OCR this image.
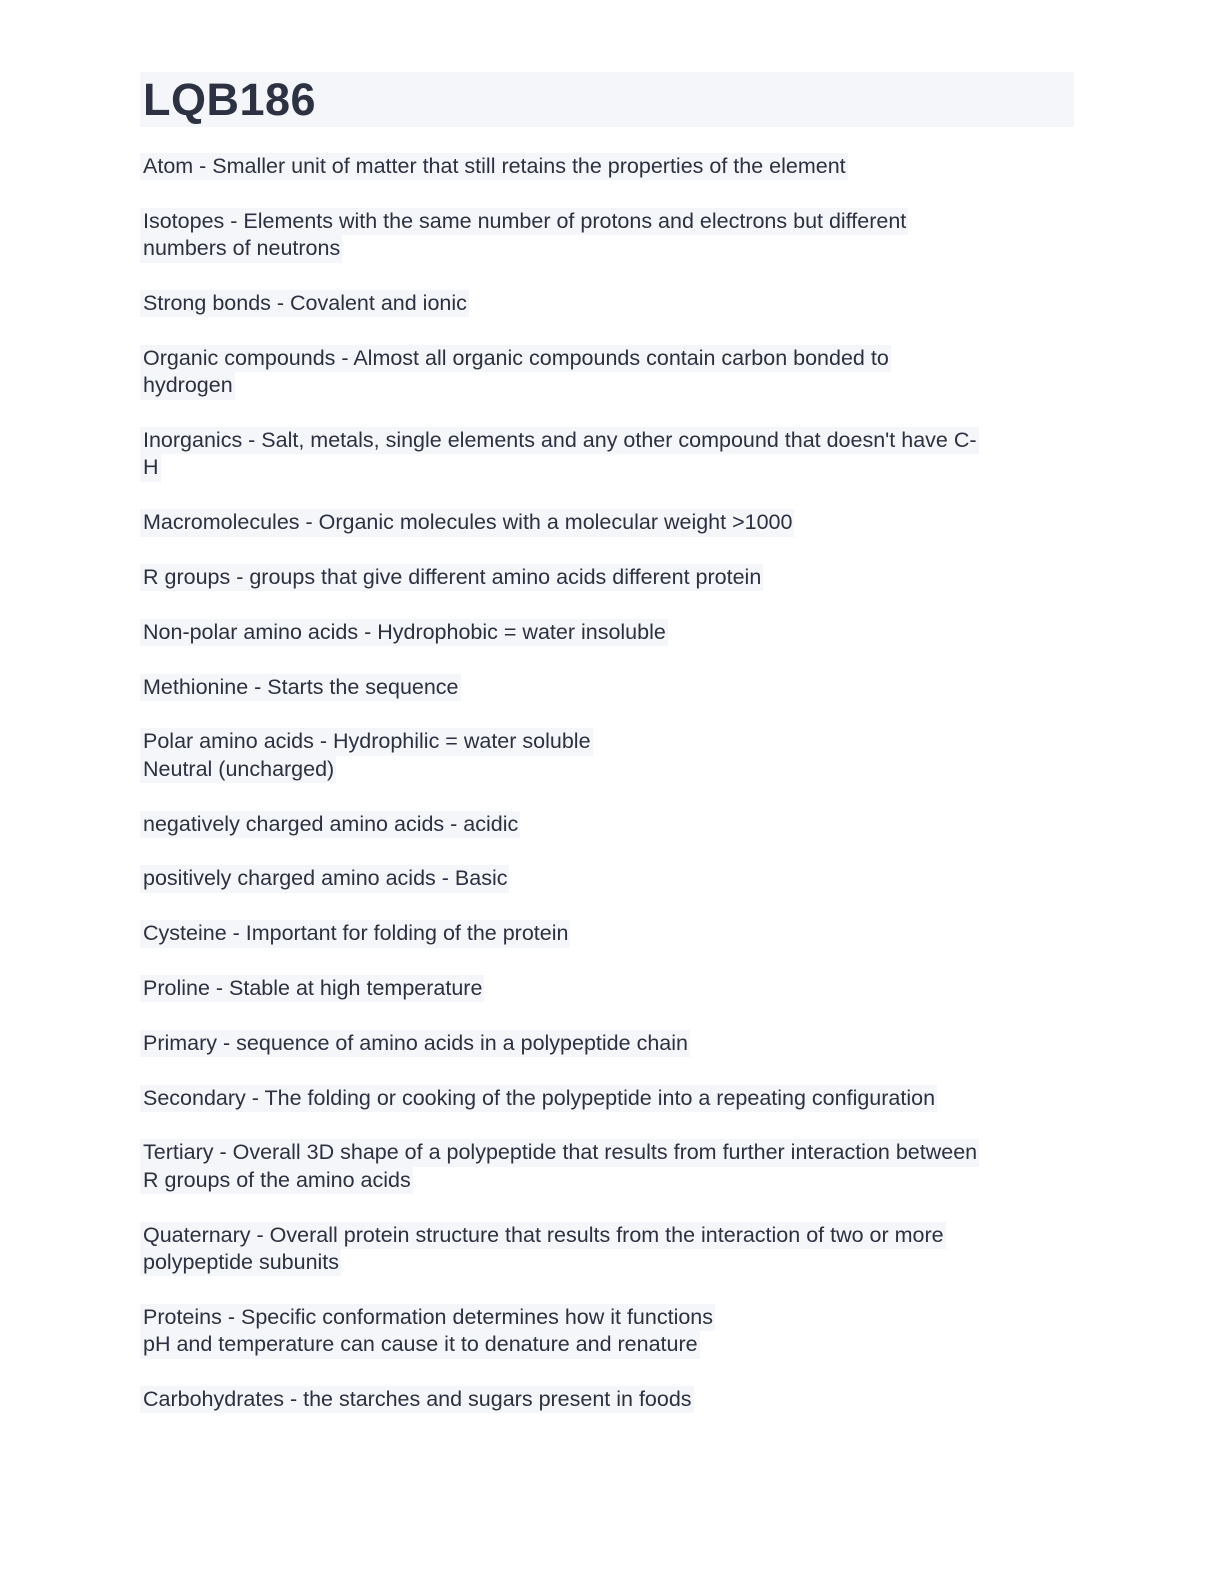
LQB186
Atom - Smaller unit of matter that still retains the properties of the element
Isotopes - Elements with the same number of protons and electrons but different
numbers of neutrons
Strong bonds - Covalent and ionic
Organic compounds - Almost all organic compounds contain carbon bonded to
hydrogen
Inorganics - Salt, metals, single elements and any other compound that doesn't have C-
H
Macromolecules - Organic molecules with a molecular weight >1000
R groups - groups that give different amino acids different protein
Non-polar amino acids - Hydrophobic = water insoluble
Methionine - Starts the sequence
Polar amino acids - Hydrophilic = water soluble
Neutral (uncharged)
negatively charged amino acids - acidic
positively charged amino acids - Basic
Cysteine - Important for folding of the protein
Proline - Stable at high temperature
Primary - sequence of amino acids in a polypeptide chain
Secondary - The folding or cooking of the polypeptide into a repeating configuration
Tertiary - Overall 3D shape of a polypeptide that results from further interaction between
R groups of the amino acids
Quaternary - Overall protein structure that results from the interaction of two or more
polypeptide subunits
Proteins - Specific conformation determines how it functions
pH and temperature can cause it to denature and renature
Carbohydrates - the starches and sugars present in foods
